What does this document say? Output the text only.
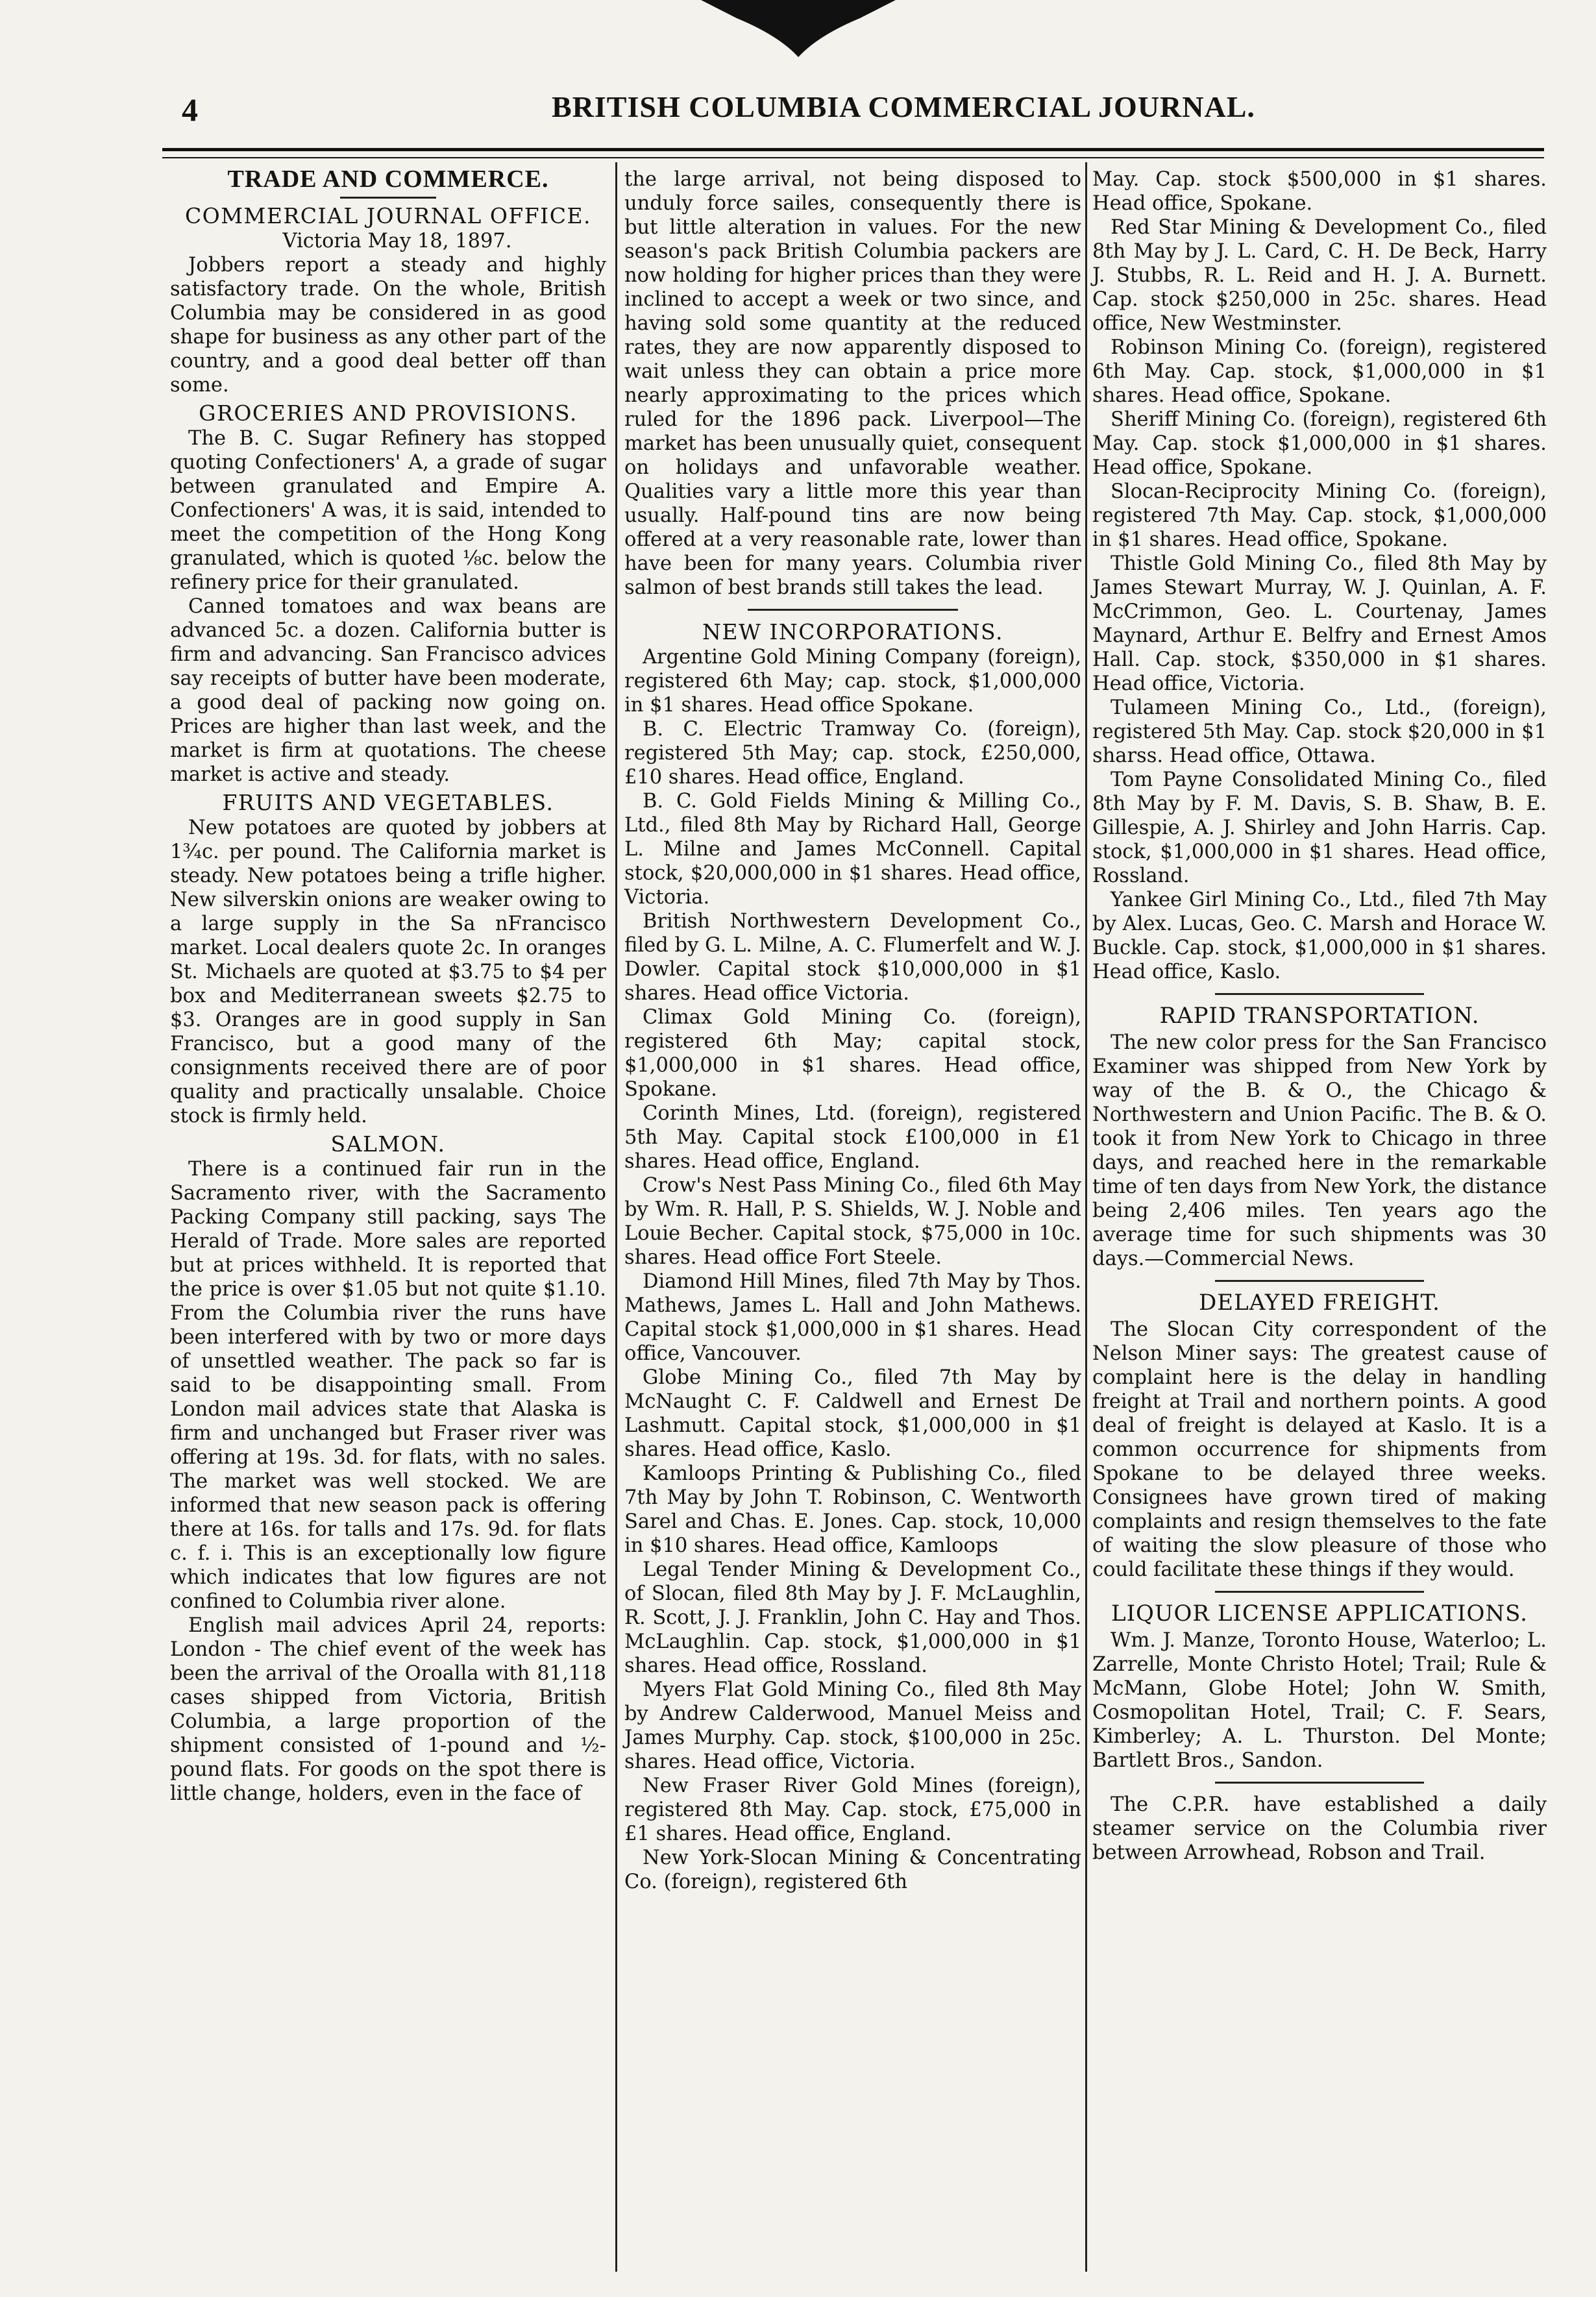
4	BRITISH COLUMBIA COMMERCIAL JOURNAL.
TRADE AND COMMERCE.
COMMERCIAL JOURNAL OFFICE.

Victoria May 18, 1897.

Jobbers report a steady and highly satisfactory trade. On the whole, British Columbia may be considered in as good shape for business as any other part of the country, and a good deal better off than some.

GROCERIES AND PROVISIONS.

The B. C. Sugar Refinery has stopped quoting Confectioners' A, a grade of sugar between granulated and Empire A. Confectioners' A was, it is said, intended to meet the competition of the Hong Kong granulated, which is quoted ⅛c. below the refinery price for their granulated.

Canned tomatoes and wax beans are advanced 5c. a dozen. California butter is firm and advancing. San Francisco advices say receipts of butter have been moderate, a good deal of packing now going on. Prices are higher than last week, and the market is firm at quotations. The cheese market is active and steady.

FRUITS AND VEGETABLES.

New potatoes are quoted by jobbers at 1¾c. per pound. The California market is steady. New potatoes being a trifle higher. New silverskin onions are weaker owing to a large supply in the Sa nFrancisco market. Local dealers quote 2c. In oranges St. Michaels are quoted at $3.75 to $4 per box and Mediterranean sweets $2.75 to $3. Oranges are in good supply in San Francisco, but a good many of the consignments received there are of poor quality and practically unsalable. Choice stock is firmly held.

SALMON.

There is a continued fair run in the Sacramento river, with the Sacramento Packing Company still packing, says The Herald of Trade. More sales are reported but at prices withheld. It is reported that the price is over $1.05 but not quite $1.10. From the Columbia river the runs have been interfered with by two or more days of unsettled weather. The pack so far is said to be disappointing small. From London mail advices state that Alaska is firm and unchanged but Fraser river was offering at 19s. 3d. for flats, with no sales. The market was well stocked. We are informed that new season pack is offering there at 16s. for talls and 17s. 9d. for flats c. f. i. This is an exceptionally low figure which indicates that low figures are not confined to Columbia river alone.

English mail advices April 24, reports: London - The chief event of the week has been the arrival of the Oroalla with 81,118 cases shipped from Victoria, British Columbia, a large proportion of the shipment consisted of 1-pound and ½-pound flats. For goods on the spot there is little change, holders, even in the face of

the large arrival, not being disposed to unduly force sailes, consequently there is but little alteration in values. For the new season's pack British Columbia packers are now holding for higher prices than they were inclined to accept a week or two since, and having sold some quantity at the reduced rates, they are now apparently disposed to wait unless they can obtain a price more nearly approximating to the prices which ruled for the 1896 pack. Liverpool—The market has been unusually quiet, consequent on holidays and unfavorable weather. Qualities vary a little more this year than usually. Half-pound tins are now being offered at a very reasonable rate, lower than have been for many years. Columbia river salmon of best brands still takes the lead.

NEW INCORPORATIONS.

Argentine Gold Mining Company (foreign), registered 6th May; cap. stock, $1,000,000 in $1 shares. Head office Spokane.

B. C. Electric Tramway Co. (foreign), registered 5th May; cap. stock, £250,000, £10 shares. Head office, England.

B. C. Gold Fields Mining & Milling Co., Ltd., filed 8th May by Richard Hall, George L. Milne and James McConnell. Capital stock, $20,000,000 in $1 shares. Head office, Victoria.

British Northwestern Development Co., filed by G. L. Milne, A. C. Flumerfelt and W. J. Dowler. Capital stock $10,000,000 in $1 shares. Head office Victoria.

Climax Gold Mining Co. (foreign), registered 6th May; capital stock, $1,000,000 in $1 shares. Head office, Spokane.

Corinth Mines, Ltd. (foreign), registered 5th May. Capital stock £100,000 in £1 shares. Head office, England.

Crow's Nest Pass Mining Co., filed 6th May by Wm. R. Hall, P. S. Shields, W. J. Noble and Louie Becher. Capital stock, $75,000 in 10c. shares. Head office Fort Steele.

Diamond Hill Mines, filed 7th May by Thos. Mathews, James L. Hall and John Mathews. Capital stock $1,000,000 in $1 shares. Head office, Vancouver.

Globe Mining Co., filed 7th May by McNaught C. F. Caldwell and Ernest De Lashmutt. Capital stock, $1,000,000 in $1 shares. Head office, Kaslo.

Kamloops Printing & Publishing Co., filed 7th May by John T. Robinson, C. Wentworth Sarel and Chas. E. Jones. Cap. stock, 10,000 in $10 shares. Head office, Kamloops

Legal Tender Mining & Development Co., of Slocan, filed 8th May by J. F. McLaughlin, R. Scott, J. J. Franklin, John C. Hay and Thos. McLaughlin. Cap. stock, $1,000,000 in $1 shares. Head office, Rossland.

Myers Flat Gold Mining Co., filed 8th May by Andrew Calderwood, Manuel Meiss and James Murphy. Cap. stock, $100,000 in 25c. shares. Head office, Victoria.

New Fraser River Gold Mines (foreign), registered 8th May. Cap. stock, £75,000 in £1 shares. Head office, England.

New York-Slocan Mining & Concentrating Co. (foreign), registered 6th

May. Cap. stock $500,000 in $1 shares. Head office, Spokane.

Red Star Mining & Development Co., filed 8th May by J. L. Card, C. H. De Beck, Harry J. Stubbs, R. L. Reid and H. J. A. Burnett. Cap. stock $250,000 in 25c. shares. Head office, New Westminster.

Robinson Mining Co. (foreign), registered 6th May. Cap. stock, $1,000,000 in $1 shares. Head office, Spokane.

Sheriff Mining Co. (foreign), registered 6th May. Cap. stock $1,000,000 in $1 shares. Head office, Spokane.

Slocan-Reciprocity Mining Co. (foreign), registered 7th May. Cap. stock, $1,000,000 in $1 shares. Head office, Spokane.

Thistle Gold Mining Co., filed 8th May by James Stewart Murray, W. J. Quinlan, A. F. McCrimmon, Geo. L. Courtenay, James Maynard, Arthur E. Belfry and Ernest Amos Hall. Cap. stock, $350,000 in $1 shares. Head office, Victoria.

Tulameen Mining Co., Ltd., (foreign), registered 5th May. Cap. stock $20,000 in $1 sharss. Head office, Ottawa.

Tom Payne Consolidated Mining Co., filed 8th May by F. M. Davis, S. B. Shaw, B. E. Gillespie, A. J. Shirley and John Harris. Cap. stock, $1,000,000 in $1 shares. Head office, Rossland.

Yankee Girl Mining Co., Ltd., filed 7th May by Alex. Lucas, Geo. C. Marsh and Horace W. Buckle. Cap. stock, $1,000,000 in $1 shares. Head office, Kaslo.

RAPID TRANSPORTATION.

The new color press for the San Francisco Examiner was shipped from New York by way of the B. & O., the Chicago & Northwestern and Union Pacific. The B. & O. took it from New York to Chicago in three days, and reached here in the remarkable time of ten days from New York, the distance being 2,406 miles. Ten years ago the average time for such shipments was 30 days.—Commercial News.

DELAYED FREIGHT.

The Slocan City correspondent of the Nelson Miner says: The greatest cause of complaint here is the delay in handling freight at Trail and northern points. A good deal of freight is delayed at Kaslo. It is a common occurrence for shipments from Spokane to be delayed three weeks. Consignees have grown tired of making complaints and resign themselves to the fate of waiting the slow pleasure of those who could facilitate these things if they would.

LIQUOR LICENSE APPLICATIONS.

Wm. J. Manze, Toronto House, Waterloo; L. Zarrelle, Monte Christo Hotel; Trail; Rule & McMann, Globe Hotel; John W. Smith, Cosmopolitan Hotel, Trail; C. F. Sears, Kimberley; A. L. Thurston. Del Monte; Bartlett Bros., Sandon.

The C.P.R. have established a daily steamer service on the Columbia river between Arrowhead, Robson and Trail.
